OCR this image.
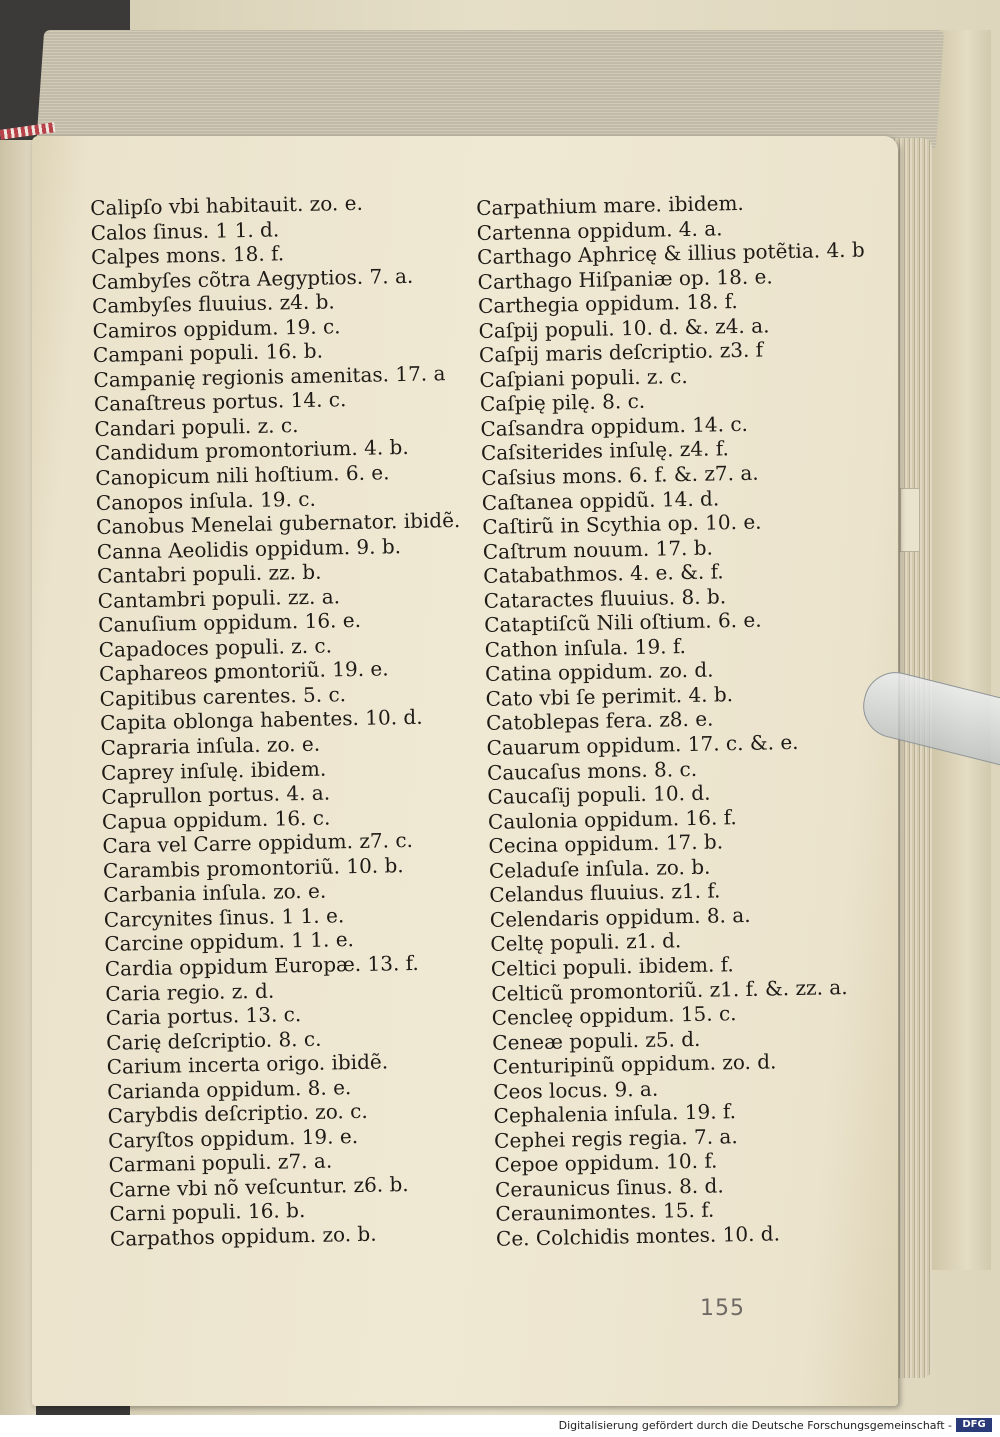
Calipſo vbi habitauit. zo. e.
Calos ſinus. 1 1. d.
Calpes mons. 18. f.
Cambyſes cõtra Aegyptios. 7. a.
Cambyſes fluuius. z4. b.
Camiros oppidum. 19. c.
Campani populi. 16. b.
Campanię regionis amenitas. 17. a
Canaſtreus portus. 14. c.
Candari populi. z. c.
Candidum promontorium. 4. b.
Canopicum nili hoſtium. 6. e.
Canopos inſula. 19. c.
Canobus Menelai gubernator. ibidẽ.
Canna Aeolidis oppidum. 9. b.
Cantabri populi. zz. b.
Cantambri populi. zz. a.
Canuſium oppidum. 16. e.
Capadoces populi. z. c.
Caphareos ꝑmontoriũ. 19. e.
Capitibus carentes. 5. c.
Capita oblonga habentes. 10. d.
Capraria inſula. zo. e.
Caprey inſulę. ibidem.
Caprullon portus. 4. a.
Capua oppidum. 16. c.
Cara vel Carre oppidum. z7. c.
Carambis promontoriũ. 10. b.
Carbania inſula. zo. e.
Carcynites ſinus. 1 1. e.
Carcine oppidum. 1 1. e.
Cardia oppidum Europæ. 13. f.
Caria regio. z. d.
Caria portus. 13. c.
Carię deſcriptio. 8. c.
Carium incerta origo. ibidẽ.
Carianda oppidum. 8. e.
Carybdis deſcriptio. zo. c.
Caryſtos oppidum. 19. e.
Carmani populi. z7. a.
Carne vbi nõ veſcuntur. z6. b.
Carni populi. 16. b.
Carpathos oppidum. zo. b.
Carpathium mare. ibidem.
Cartenna oppidum. 4. a.
Carthago Aphricę & illius potẽtia. 4. b
Carthago Hiſpaniæ op. 18. e.
Carthegia oppidum. 18. f.
Caſpij populi. 10. d. &. z4. a.
Caſpij maris deſcriptio. z3. f
Caſpiani populi. z. c.
Caſpię pilę. 8. c.
Caſsandra oppidum. 14. c.
Caſsiterides inſulę. z4. f.
Caſsius mons. 6. f. &. z7. a.
Caſtanea oppidũ. 14. d.
Caſtirũ in Scythia op. 10. e.
Caſtrum nouum. 17. b.
Catabathmos. 4. e. &. f.
Cataractes fluuius. 8. b.
Cataptiſcũ Nili oſtium. 6. e.
Cathon inſula. 19. f.
Catina oppidum. zo. d.
Cato vbi ſe perimit. 4. b.
Catoblepas fera. z8. e.
Cauarum oppidum. 17. c. &. e.
Caucaſus mons. 8. c.
Caucaſij populi. 10. d.
Caulonia oppidum. 16. f.
Cecina oppidum. 17. b.
Celaduſe inſula. zo. b.
Celandus fluuius. z1. f.
Celendaris oppidum. 8. a.
Celtę populi. z1. d.
Celtici populi. ibidem. f.
Celticũ promontoriũ. z1. f. &. zz. a.
Cencleę oppidum. 15. c.
Ceneæ populi. z5. d.
Centuripinũ oppidum. zo. d.
Ceos locus. 9. a.
Cephalenia inſula. 19. f.
Cephei regis regia. 7. a.
Cepoe oppidum. 10. f.
Ceraunicus ſinus. 8. d.
Ceraunimontes. 15. f.
Ce. Colchidis montes. 10. d.
155
Digitalisierung gefördert durch die Deutsche Forschungsgemeinschaft -	DFG
